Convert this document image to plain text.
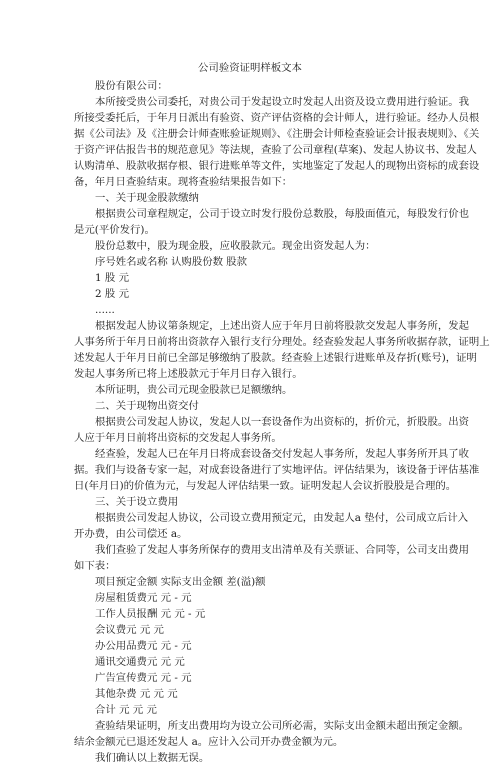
公司验资证明样板文本
股份有限公司：
本所接受贵公司委托，对贵公司于发起设立时发起人出资及设立费用进行验证。我
所接受委托后，于年月日派出有验资、资产评估资格的会计师人，进行验证。经办人员根
据《公司法》及《注册会计师查账验证规则》、《注册会计师检查验证会计报表规则》、《关
于资产评估报告书的规范意见》等法规，查验了公司章程(草案)、发起人协议书、发起人
认购清单、股款收据存根、银行进账单等文件，实地鉴定了发起人的现物出资标的成套设
备，年月日查验结束。现将查验结果报告如下：
一、关于现金股款缴纳
根据贵公司章程规定，公司于设立时发行股份总数股，每股面值元，每股发行价也
是元(平价发行)。
股份总数中，股为现金股，应收股款元。现金出资发起人为：
序号姓名或名称 认购股份数 股款
1 股 元
2 股 元
......
根据发起人协议第条规定，上述出资人应于年月日前将股款交发起人事务所，发起
人事务所于年月日前将出资款存入银行支行分理处。经查验发起人事务所收据存款，证明上
述发起人于年月日前已全部足够缴纳了股款。经查验上述银行进账单及存折(账号)，证明
发起人事务所已将上述股款元于年月日存入银行。
本所证明，贵公司元现金股款已足额缴纳。
二、关于现物出资交付
根据贵公司发起人协议，发起人以一套设备作为出资标的，折价元，折股股。出资
人应于年月日前将出资标的交发起人事务所。
经查验，发起人已在年月日将成套设备交付发起人事务所，发起人事务所开具了收
据。我们与设备专家一起，对成套设备进行了实地评估。评估结果为，该设备于评估基准
日(年月日)的价值为元，与发起人评估结果一致。证明发起人会议折股股是合理的。
三、关于设立费用
根据贵公司发起人协议，公司设立费用预定元，由发起人a 垫付，公司成立后计入
开办费，由公司偿还 a。
我们查验了发起人事务所保存的费用支出清单及有关票证、合同等，公司支出费用
如下表：
项目预定金额 实际支出金额 差(溢)额
房屋租赁费元 元 - 元
工作人员报酬 元 元 - 元
会议费元 元 元
办公用品费元 元 - 元
通讯交通费元 元 元
广告宣传费元 元 - 元
其他杂费 元 元 元
合计 元 元 元
查验结果证明，所支出费用均为设立公司所必需，实际支出金额未超出预定金额。
结余金额元已退还发起人 a。应计入公司开办费金额为元。
我们确认以上数据无误。
